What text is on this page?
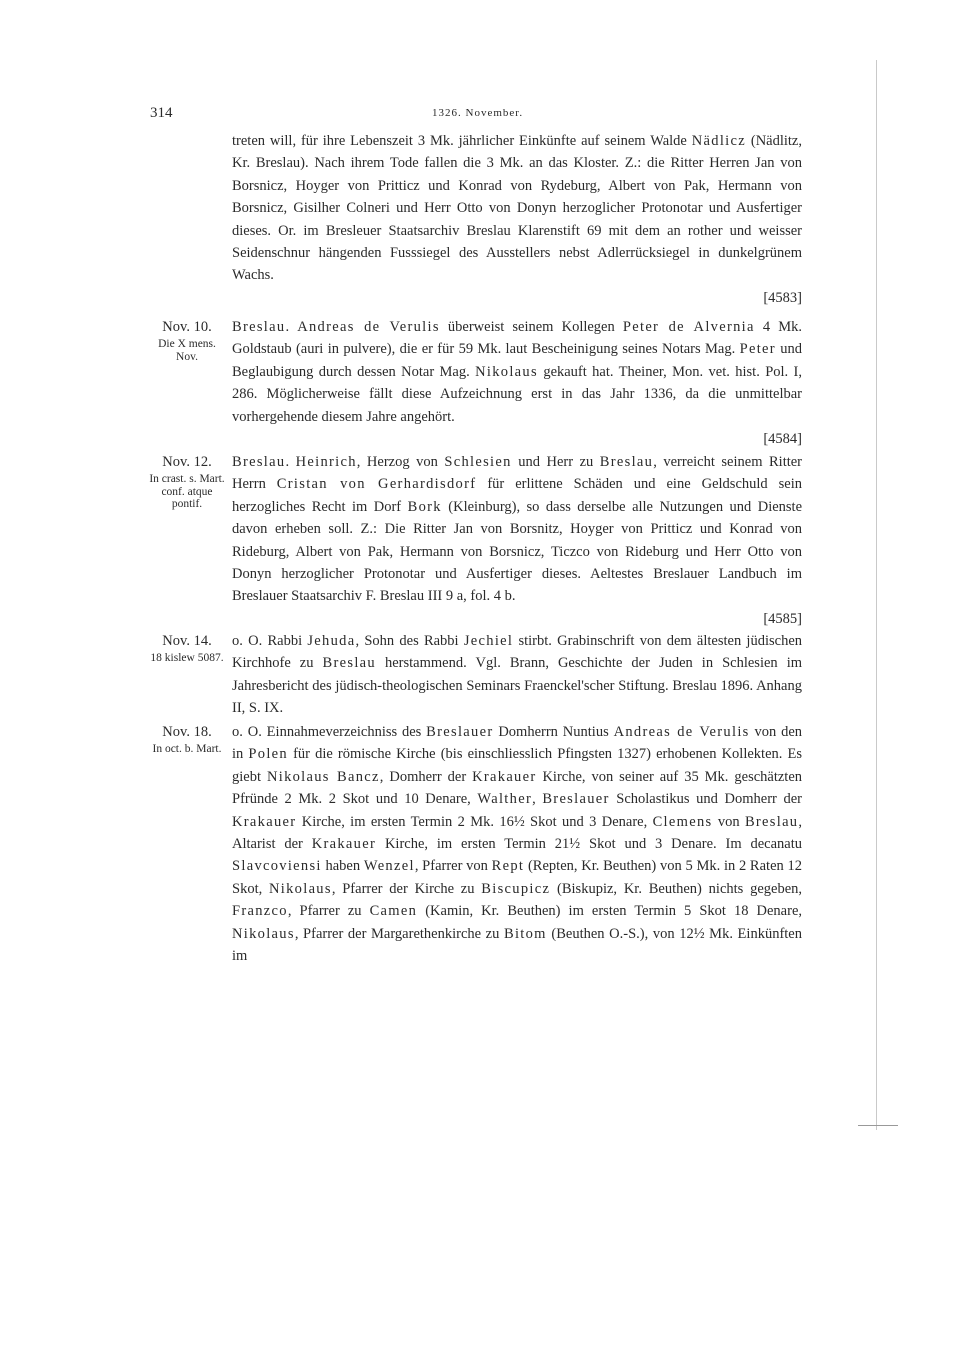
314	1326. November.
treten will, für ihre Lebenszeit 3 Mk. jährlicher Einkünfte auf seinem Walde Nädlicz (Nädlitz, Kr. Breslau). Nach ihrem Tode fallen die 3 Mk. an das Kloster. Z.: die Ritter Herren Jan von Borsnicz, Hoyger von Pritticz und Konrad von Rydeburg, Albert von Pak, Hermann von Borsnicz, Gisilher Colneri und Herr Otto von Donyn herzoglicher Protonotar und Ausfertiger dieses. Or. im Bresleuer Staatsarchiv Breslau Klarenstift 69 mit dem an rother und weisser Seidenschnur hängenden Fusssiegel des Ausstellers nebst Adlerrücksiegel in dunkelgrünem Wachs.
[4583]
Nov. 10.
Die X mens. Nov.
Breslau. Andreas de Verulis überweist seinem Kollegen Peter de Alvernia 4 Mk. Goldstaub (auri in pulvere), die er für 59 Mk. laut Bescheinigung seines Notars Mag. Peter und Beglaubigung durch dessen Notar Mag. Nikolaus gekauft hat. Theiner, Mon. vet. hist. Pol. I, 286. Möglicherweise fällt diese Aufzeichnung erst in das Jahr 1336, da die unmittelbar vorhergehende diesem Jahre angehört.
[4584]
Nov. 12.
In crast. s. Mart. conf. atque pontif.
Breslau. Heinrich, Herzog von Schlesien und Herr zu Breslau, verreicht seinem Ritter Herrn Cristan von Gerhardisdorf für erlittene Schäden und eine Geldschuld sein herzogliches Recht im Dorf Bork (Kleinburg), so dass derselbe alle Nutzungen und Dienste davon erheben soll. Z.: Die Ritter Jan von Borsnitz, Hoyger von Pritticz und Konrad von Rideburg, Albert von Pak, Hermann von Borsnicz, Ticzco von Rideburg und Herr Otto von Donyn herzoglicher Protonotar und Ausfertiger dieses. Aeltestes Breslauer Landbuch im Breslauer Staatsarchiv F. Breslau III 9 a, fol. 4 b.
[4585]
Nov. 14.
18 kislew 5087.
o. O. Rabbi Jehuda, Sohn des Rabbi Jechiel stirbt. Grabinschrift von dem ältesten jüdischen Kirchhofe zu Breslau herstammend. Vgl. Brann, Geschichte der Juden in Schlesien im Jahresbericht des jüdisch-theologischen Seminars Fraenckel'scher Stiftung. Breslau 1896. Anhang II, S. IX.
Nov. 18.
In oct. b. Mart.
o. O. Einnahmeverzeichniss des Breslauer Domherrn Nuntius Andreas de Verulis von den in Polen für die römische Kirche (bis einschliesslich Pfingsten 1327) erhobenen Kollekten. Es giebt Nikolaus Bancz, Domherr der Krakauer Kirche, von seiner auf 35 Mk. geschätzten Pfründe 2 Mk. 2 Skot und 10 Denare, Walther, Breslauer Scholastikus und Domherr der Krakauer Kirche, im ersten Termin 2 Mk. 16½ Skot und 3 Denare, Clemens von Breslau, Altarist der Krakauer Kirche, im ersten Termin 21½ Skot und 3 Denare. Im decanatu Slavcoviensi haben Wenzel, Pfarrer von Rept (Repten, Kr. Beuthen) von 5 Mk. in 2 Raten 12 Skot, Nikolaus, Pfarrer der Kirche zu Biscupicz (Biskupiz, Kr. Beuthen) nichts gegeben, Franzco, Pfarrer zu Camen (Kamin, Kr. Beuthen) im ersten Termin 5 Skot 18 Denare, Nikolaus, Pfarrer der Margarethenkirche zu Bitom (Beuthen O.-S.), von 12½ Mk. Einkünften im
